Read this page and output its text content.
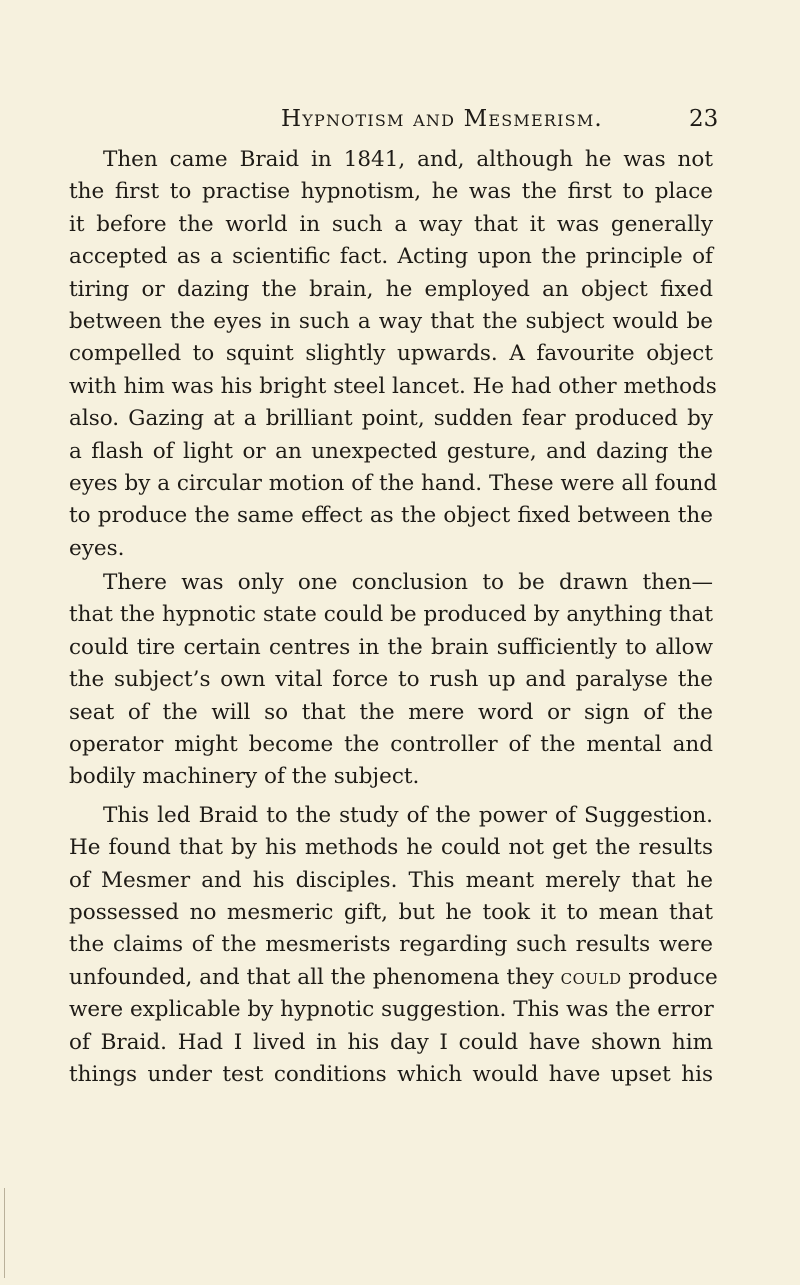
Hypnotism and Mesmerism.	23
Then came Braid in 1841, and, although he was not
the first to practise hypnotism, he was the first to place
it before the world in such a way that it was generally
accepted as a scientific fact. Acting upon the principle of
tiring or dazing the brain, he employed an object fixed
between the eyes in such a way that the subject would be
compelled to squint slightly upwards. A favourite object
with him was his bright steel lancet. He had other methods
also. Gazing at a brilliant point, sudden fear produced by
a flash of light or an unexpected gesture, and dazing the
eyes by a circular motion of the hand. These were all found
to produce the same effect as the object fixed between the
eyes.
There was only one conclusion to be drawn then—
that the hypnotic state could be produced by anything that
could tire certain centres in the brain sufficiently to allow
the subject’s own vital force to rush up and paralyse the
seat of the will so that the mere word or sign of the
operator might become the controller of the mental and
bodily machinery of the subject.
This led Braid to the study of the power of Suggestion.
He found that by his methods he could not get the results
of Mesmer and his disciples. This meant merely that he
possessed no mesmeric gift, but he took it to mean that
the claims of the mesmerists regarding such results were
unfounded, and that all the phenomena they could produce
were explicable by hypnotic suggestion. This was the error
of Braid. Had I lived in his day I could have shown him
things under test conditions which would have upset his
